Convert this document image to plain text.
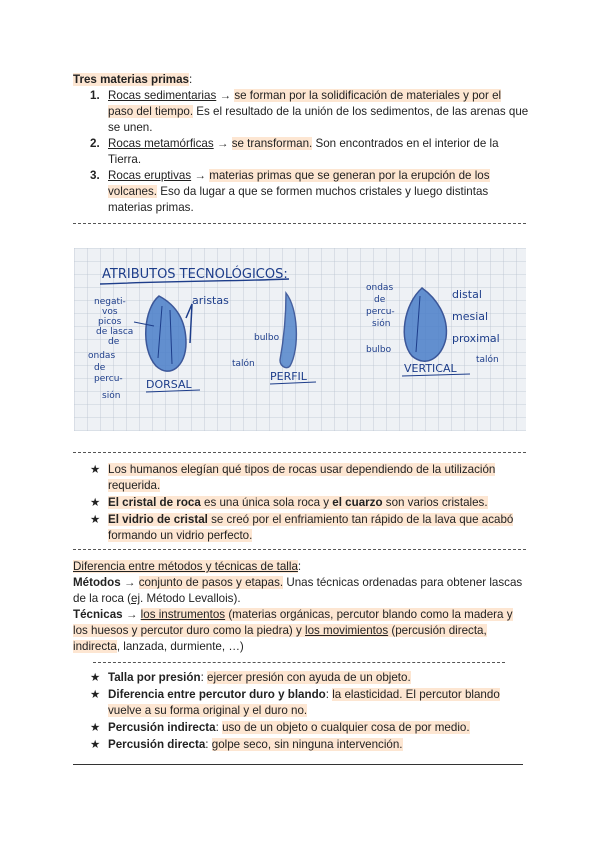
Tres materias primas:
1. Rocas sedimentarias → se forman por la solidificación de materiales y por el paso del tiempo. Es el resultado de la unión de los sedimentos, de las arenas que se unen.
2. Rocas metamórficas → se transforman. Son encontrados en el interior de la Tierra.
3. Rocas eruptivas → materias primas que se generan por la erupción de los volcanes. Eso da lugar a que se formen muchos cristales y luego distintas materias primas.
ATRIBUTOS TECNOLÓGICOS:
negati-
vos
picos
de lasca
de
ondas
de
percu-
sión
aristas
DORSAL
bulbo
talón
PERFIL
ondas
de
percu-
sión
bulbo
distal
mesial
proximal
talón
VERTICAL
★ Los humanos elegían qué tipos de rocas usar dependiendo de la utilización requerida.
★ El cristal de roca es una única sola roca y el cuarzo son varios cristales.
★ El vidrio de cristal se creó por el enfriamiento tan rápido de la lava que acabó formando un vidrio perfecto.
Diferencia entre métodos y técnicas de talla:
Métodos → conjunto de pasos y etapas. Unas técnicas ordenadas para obtener lascas de la roca (ej. Método Levallois).
Técnicas → los instrumentos (materias orgánicas, percutor blando como la madera y los huesos y percutor duro como la piedra) y los movimientos (percusión directa, indirecta, lanzada, durmiente, …)
★ Talla por presión: ejercer presión con ayuda de un objeto.
★ Diferencia entre percutor duro y blando: la elasticidad. El percutor blando vuelve a su forma original y el duro no.
★ Percusión indirecta: uso de un objeto o cualquier cosa de por medio.
★ Percusión directa: golpe seco, sin ninguna intervención.
